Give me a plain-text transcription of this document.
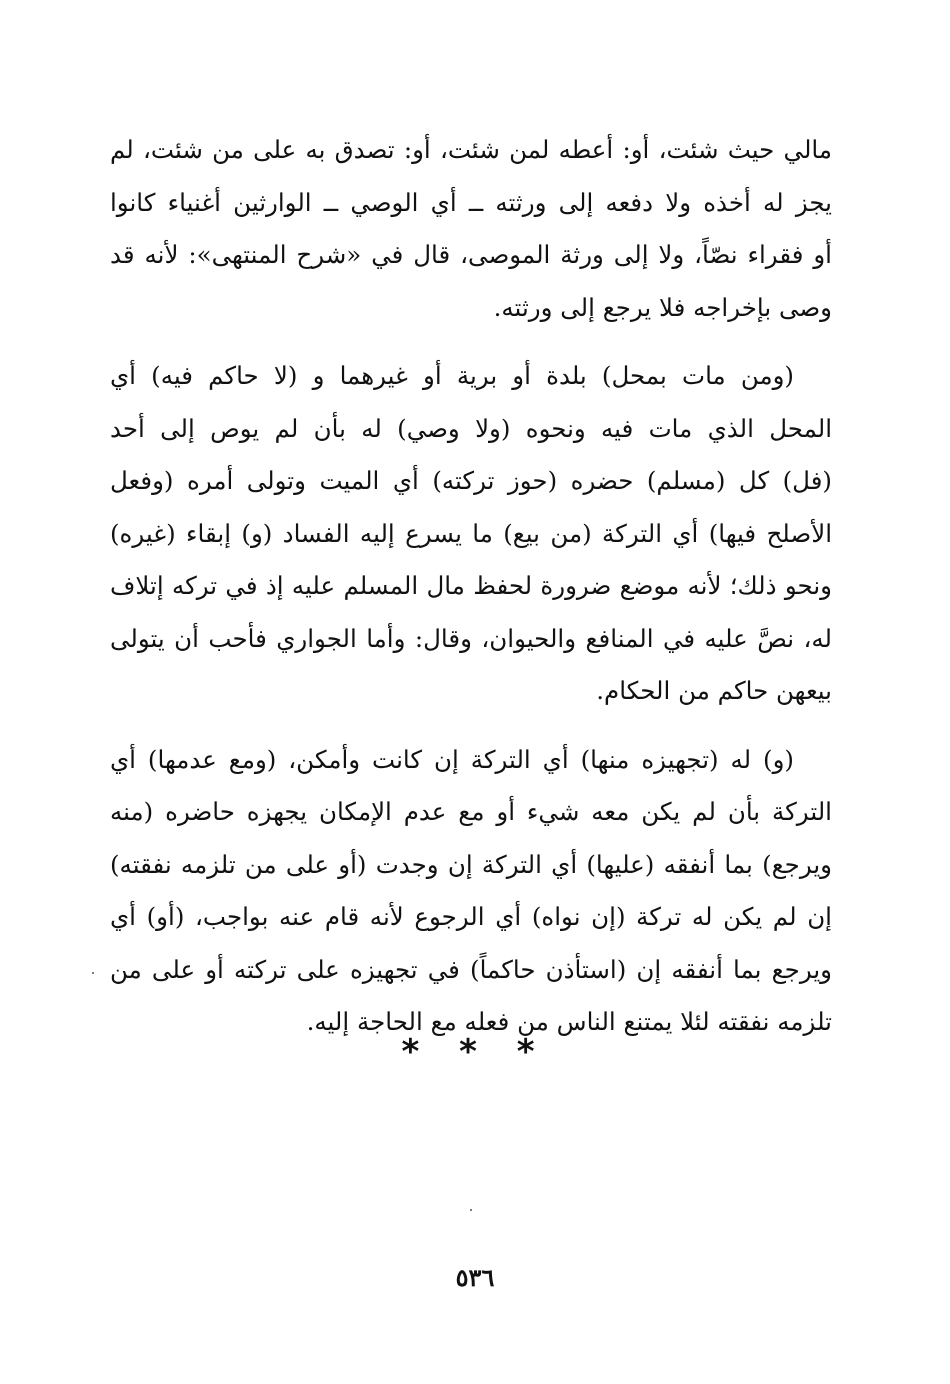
مالي حيث شئت، أو: أعطه لمن شئت، أو: تصدق به على من شئت، لم
يجز له أخذه ولا دفعه إلى ورثته ــ أي الوصي ــ الوارثين أغنياء كانوا
أو فقراء نصّاً، ولا إلى ورثة الموصى، قال في «شرح المنتهى»: لأنه قد
وصى بإخراجه فلا يرجع إلى ورثته.

(ومن مات بمحل) بلدة أو برية أو غيرهما و (لا حاكم فيه) أي
المحل الذي مات فيه ونحوه (ولا وصي) له بأن لم يوص إلى أحد
(فل) كل (مسلم) حضره (حوز تركته) أي الميت وتولى أمره (وفعل
الأصلح فيها) أي التركة (من بيع) ما يسرع إليه الفساد (و) إبقاء (غيره)
ونحو ذلك؛ لأنه موضع ضرورة لحفظ مال المسلم عليه إذ في تركه إتلاف
له، نصَّ عليه في المنافع والحيوان، وقال: وأما الجواري فأحب أن يتولى
بيعهن حاكم من الحكام.

(و) له (تجهيزه منها) أي التركة إن كانت وأمكن، (ومع عدمها) أي
التركة بأن لم يكن معه شيء أو مع عدم الإمكان يجهزه حاضره (منه
ويرجع) بما أنفقه (عليها) أي التركة إن وجدت (أو على من تلزمه نفقته)
إن لم يكن له تركة (إن نواه) أي الرجوع لأنه قام عنه بواجب، (أو) أي
ويرجع بما أنفقه إن (استأذن حاكماً) في تجهيزه على تركته أو على من
تلزمه نفقته لئلا يمتنع الناس من فعله مع الحاجة إليه.

* * *
٥٣٦
